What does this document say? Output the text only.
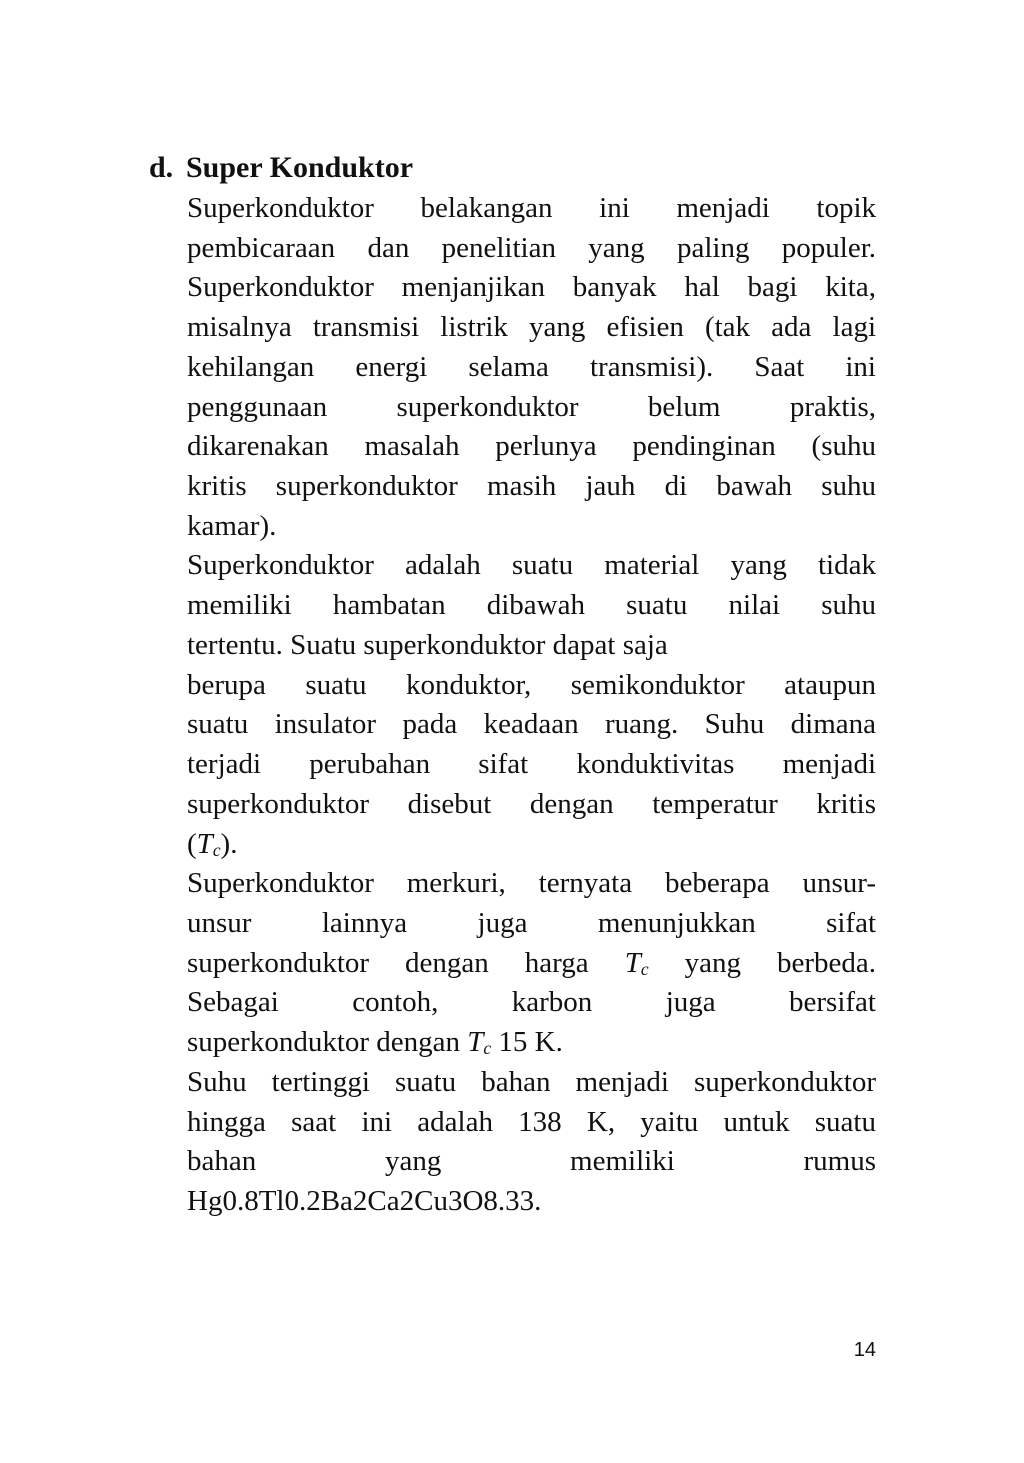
d. Super Konduktor
Superkonduktor belakangan ini menjadi topik
pembicaraan dan penelitian yang paling populer.
Superkonduktor menjanjikan banyak hal bagi kita,
misalnya transmisi listrik yang efisien (tak ada lagi
kehilangan energi selama transmisi). Saat ini
penggunaan superkonduktor belum praktis,
dikarenakan masalah perlunya pendinginan (suhu
kritis superkonduktor masih jauh di bawah suhu
kamar).
Superkonduktor adalah suatu material yang tidak
memiliki hambatan dibawah suatu nilai suhu
tertentu. Suatu superkonduktor dapat saja
berupa suatu konduktor, semikonduktor ataupun
suatu insulator pada keadaan ruang. Suhu dimana
terjadi perubahan sifat konduktivitas menjadi
superkonduktor disebut dengan temperatur kritis
$(T_c)$.
Superkonduktor merkuri, ternyata beberapa unsur-
unsur lainnya juga menunjukkan sifat
superkonduktor dengan harga $T_c$ yang berbeda.
Sebagai contoh, karbon juga bersifat
superkonduktor dengan $T_c$ 15 K.
Suhu tertinggi suatu bahan menjadi superkonduktor
hingga saat ini adalah 138 K, yaitu untuk suatu
bahan yang memiliki rumus
Hg0.8Tl0.2Ba2Ca2Cu3O8.33.
14
